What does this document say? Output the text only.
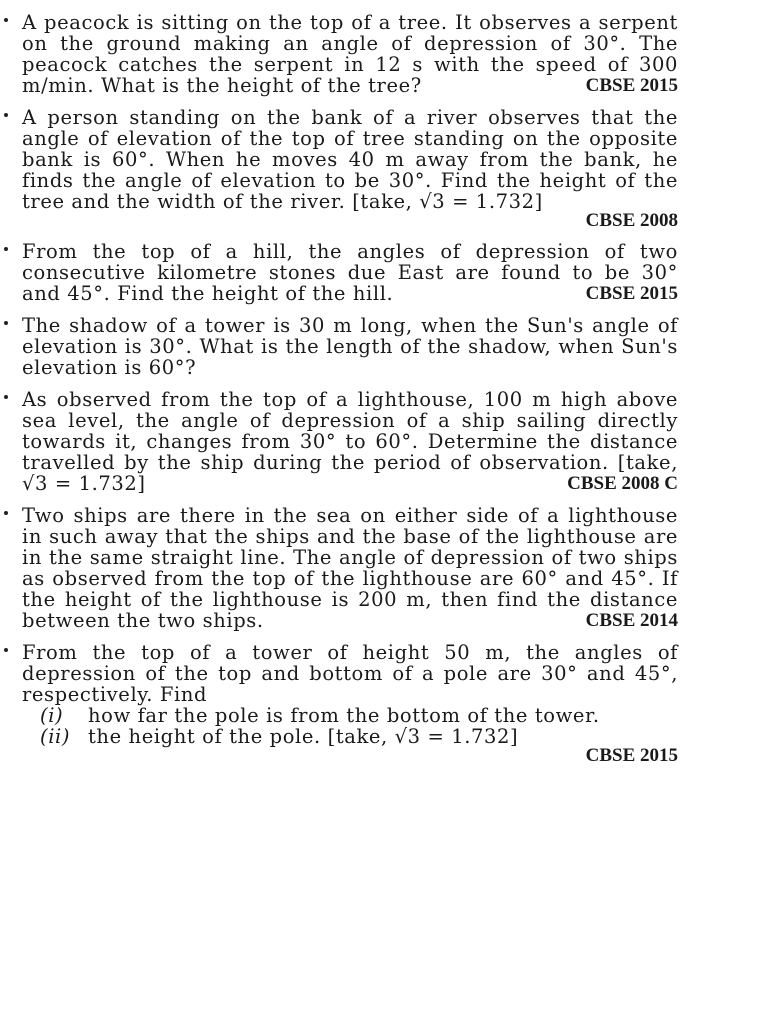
A peacock is sitting on the top of a tree. It observes a serpent on the ground making an angle of depression of 30°. The peacock catches the serpent in 12 s with the speed of 300 m/min. What is the height of the tree?	CBSE 2015
A person standing on the bank of a river observes that the angle of elevation of the top of tree standing on the opposite bank is 60°. When he moves 40 m away from the bank, he finds the angle of elevation to be 30°. Find the height of the tree and the width of the river. [take, √3 = 1.732]
CBSE 2008
From the top of a hill, the angles of depression of two consecutive kilometre stones due East are found to be 30° and 45°. Find the height of the hill.	CBSE 2015
The shadow of a tower is 30 m long, when the Sun's angle of elevation is 30°. What is the length of the shadow, when Sun's elevation is 60°?
As observed from the top of a lighthouse, 100 m high above sea level, the angle of depression of a ship sailing directly towards it, changes from 30° to 60°. Determine the distance travelled by the ship during the period of observation. [take, √3 = 1.732]	CBSE 2008 C
Two ships are there in the sea on either side of a lighthouse in such away that the ships and the base of the lighthouse are in the same straight line. The angle of depression of two ships as observed from the top of the lighthouse are 60° and 45°. If the height of the lighthouse is 200 m, then find the distance between the two ships.	CBSE 2014
From the top of a tower of height 50 m, the angles of depression of the top and bottom of a pole are 30° and 45°, respectively. Find
(i) how far the pole is from the bottom of the tower.
(ii) the height of the pole. [take, √3 = 1.732]
CBSE 2015
